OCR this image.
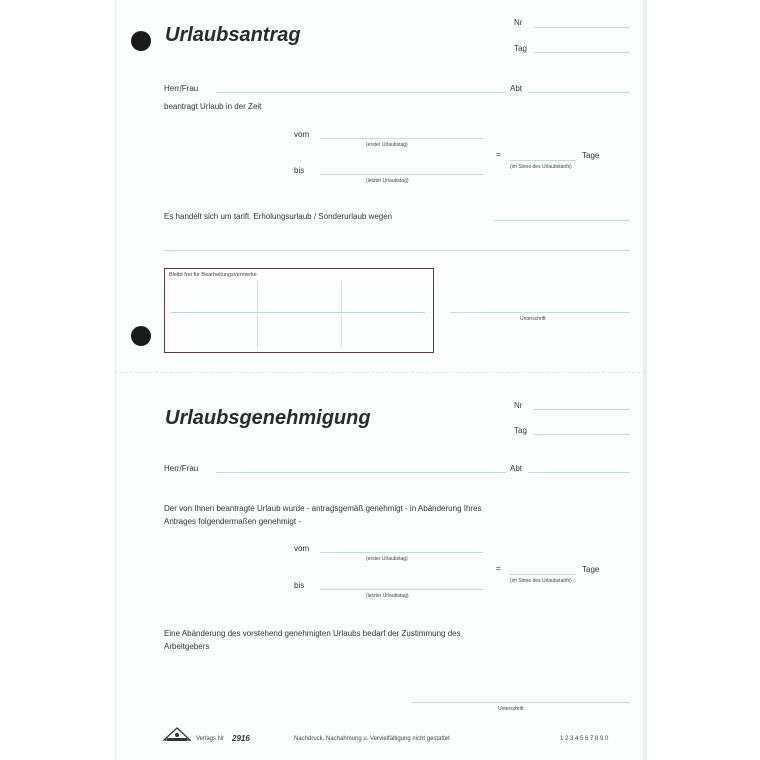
Urlaubsantrag
Nr
Tag
Herr/Frau	Abt
beantragt Urlaub in der Zeit
vom
(erster Urlaubstag)
=	Tage
(im Sinne des Urlaubstarifs)
bis
(letzter Urlaubstag)
Es handelt sich um tarifl. Erholungsurlaub / Sonderurlaub wegen
Bleibt frei für Bearbeitungsvermerke
Unterschrift
Urlaubsgenehmigung
Nr
Tag
Herr/Frau	Abt
Der von Ihnen beantragte Urlaub wurde - antragsgemäß genehmigt - in Abänderung Ihres
Antrages folgendermaßen genehmigt -
vom
(erster Urlaubstag)
=	Tage
(im Sinne des Urlaubstarifs)
bis
(letzter Urlaubstag)
Eine Abänderung des vorstehend genehmigten Urlaubs bedarf der Zustimmung des
Arbeitgebers
Unterschrift
Verlags Nr 2916	Nachdruck, Nachahmung u. Vervielfältigung nicht gestattet	1 2 3 4 5 6 7 8 9 0
